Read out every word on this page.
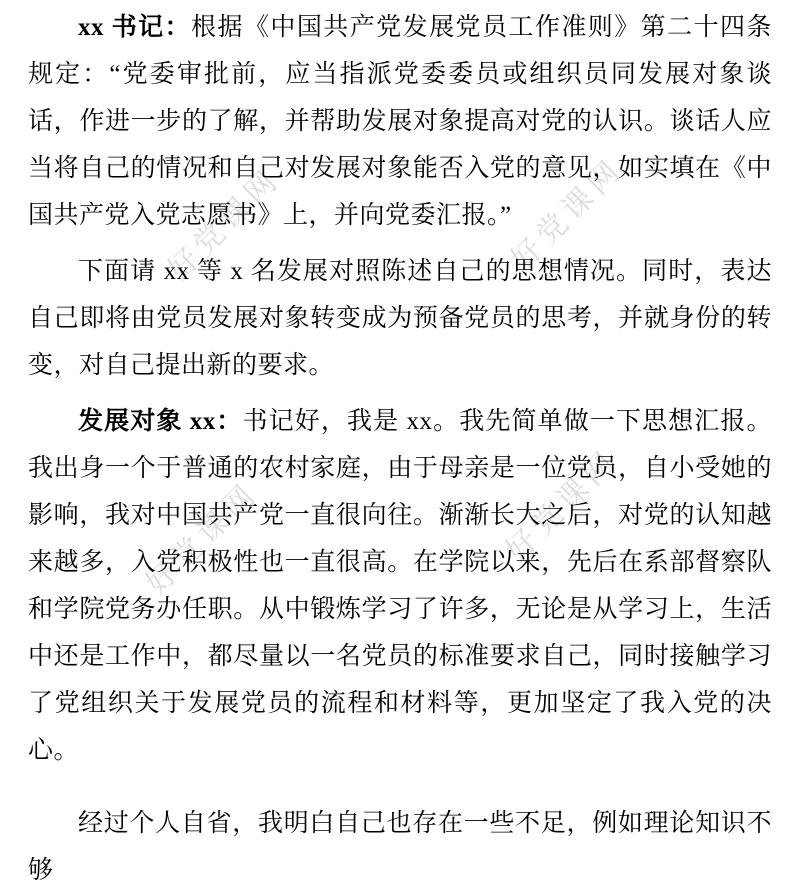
好党课网	好党课网
好党课网	好党课网

xx 书记：根据《中国共产党发展党员工作准则》第二十四条规定：“党委审批前，应当指派党委委员或组织员同发展对象谈话，作进一步的了解，并帮助发展对象提高对党的认识。谈话人应当将自己的情况和自己对发展对象能否入党的意见，如实填在《中国共产党入党志愿书》上，并向党委汇报。”

下面请 xx 等 x 名发展对照陈述自己的思想情况。同时，表达自己即将由党员发展对象转变成为预备党员的思考，并就身份的转变，对自己提出新的要求。

发展对象 xx：书记好，我是 xx。我先简单做一下思想汇报。我出身一个于普通的农村家庭，由于母亲是一位党员，自小受她的影响，我对中国共产党一直很向往。渐渐长大之后，对党的认知越来越多，入党积极性也一直很高。在学院以来，先后在系部督察队和学院党务办任职。从中锻炼学习了许多，无论是从学习上，生活中还是工作中，都尽量以一名党员的标准要求自己，同时接触学习了党组织关于发展党员的流程和材料等，更加坚定了我入党的决心。

经过个人自省，我明白自己也存在一些不足，例如理论知识不够
